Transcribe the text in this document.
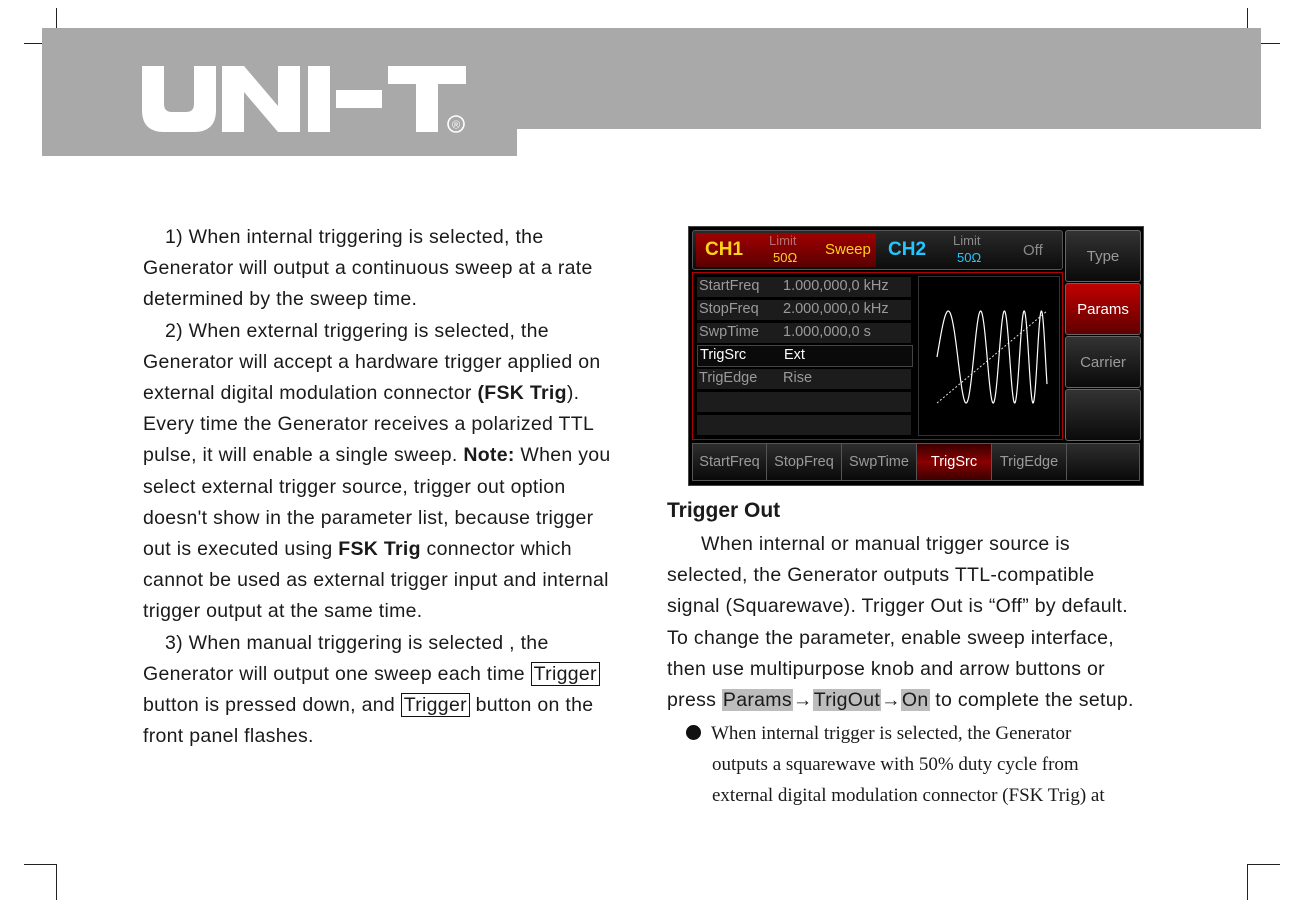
®

1) When internal triggering is selected, the

Generator will output a continuous sweep at a rate

determined by the sweep time.

2) When external triggering is selected, the

Generator will accept a hardware trigger applied on

external digital modulation connector (FSK Trig).

Every time the Generator receives a polarized TTL

pulse, it will enable a single sweep. Note: When you

select external trigger source, trigger out option

doesn't show in the parameter list, because trigger

out is executed using FSK Trig connector which

cannot be used as external trigger input and internal

trigger output at the same time.

3) When manual triggering is selected , the

Generator will output one sweep each time Trigger

button is pressed down, and Trigger button on the

front panel flashes.

CH1 Limit
50Ω Sweep CH2 Limit
50Ω	Off	Type
Params
Carrier
StartFreq 1.000,000,0 kHz
StopFreq 2.000,000,0 kHz
SwpTime 1.000,000,0 s
TrigSrc	Ext
TrigEdge Rise
StartFreq StopFreq	SwpTime	TrigSrc	TrigEdge
Trigger Out

When internal or manual trigger source is

selected, the Generator outputs TTL-compatible

signal (Squarewave). Trigger Out is “Off” by default.

To change the parameter, enable sweep interface,

then use multipurpose knob and arrow buttons or

press Params→TrigOut→On to complete the setup.

When internal trigger is selected, the Generator
outputs a squarewave with 50% duty cycle from
external digital modulation connector (FSK Trig) at
